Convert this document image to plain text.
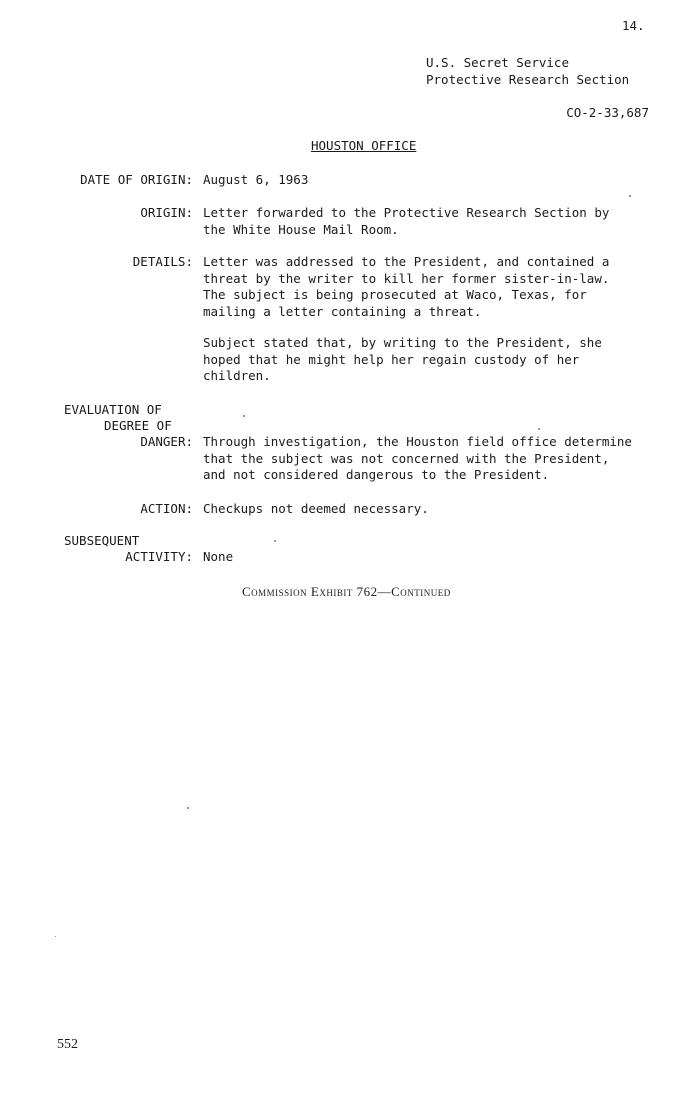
14.
U.S. Secret Service
Protective Research Section
CO-2-33,687
HOUSTON OFFICE
DATE OF ORIGIN: August 6, 1963
ORIGIN: Letter forwarded to the Protective Research Section by
the White House Mail Room.
DETAILS: Letter was addressed to the President, and contained a
threat by the writer to kill her former sister-in-law.
The subject is being prosecuted at Waco, Texas, for
mailing a letter containing a threat.
Subject stated that, by writing to the President, she
hoped that he might help her regain custody of her
children.
EVALUATION OF
DEGREE OF
DANGER: Through investigation, the Houston field office determine
that the subject was not concerned with the President,
and not considered dangerous to the President.
ACTION: Checkups not deemed necessary.
SUBSEQUENT
ACTIVITY: None
Commission Exhibit 762—Continued
552
